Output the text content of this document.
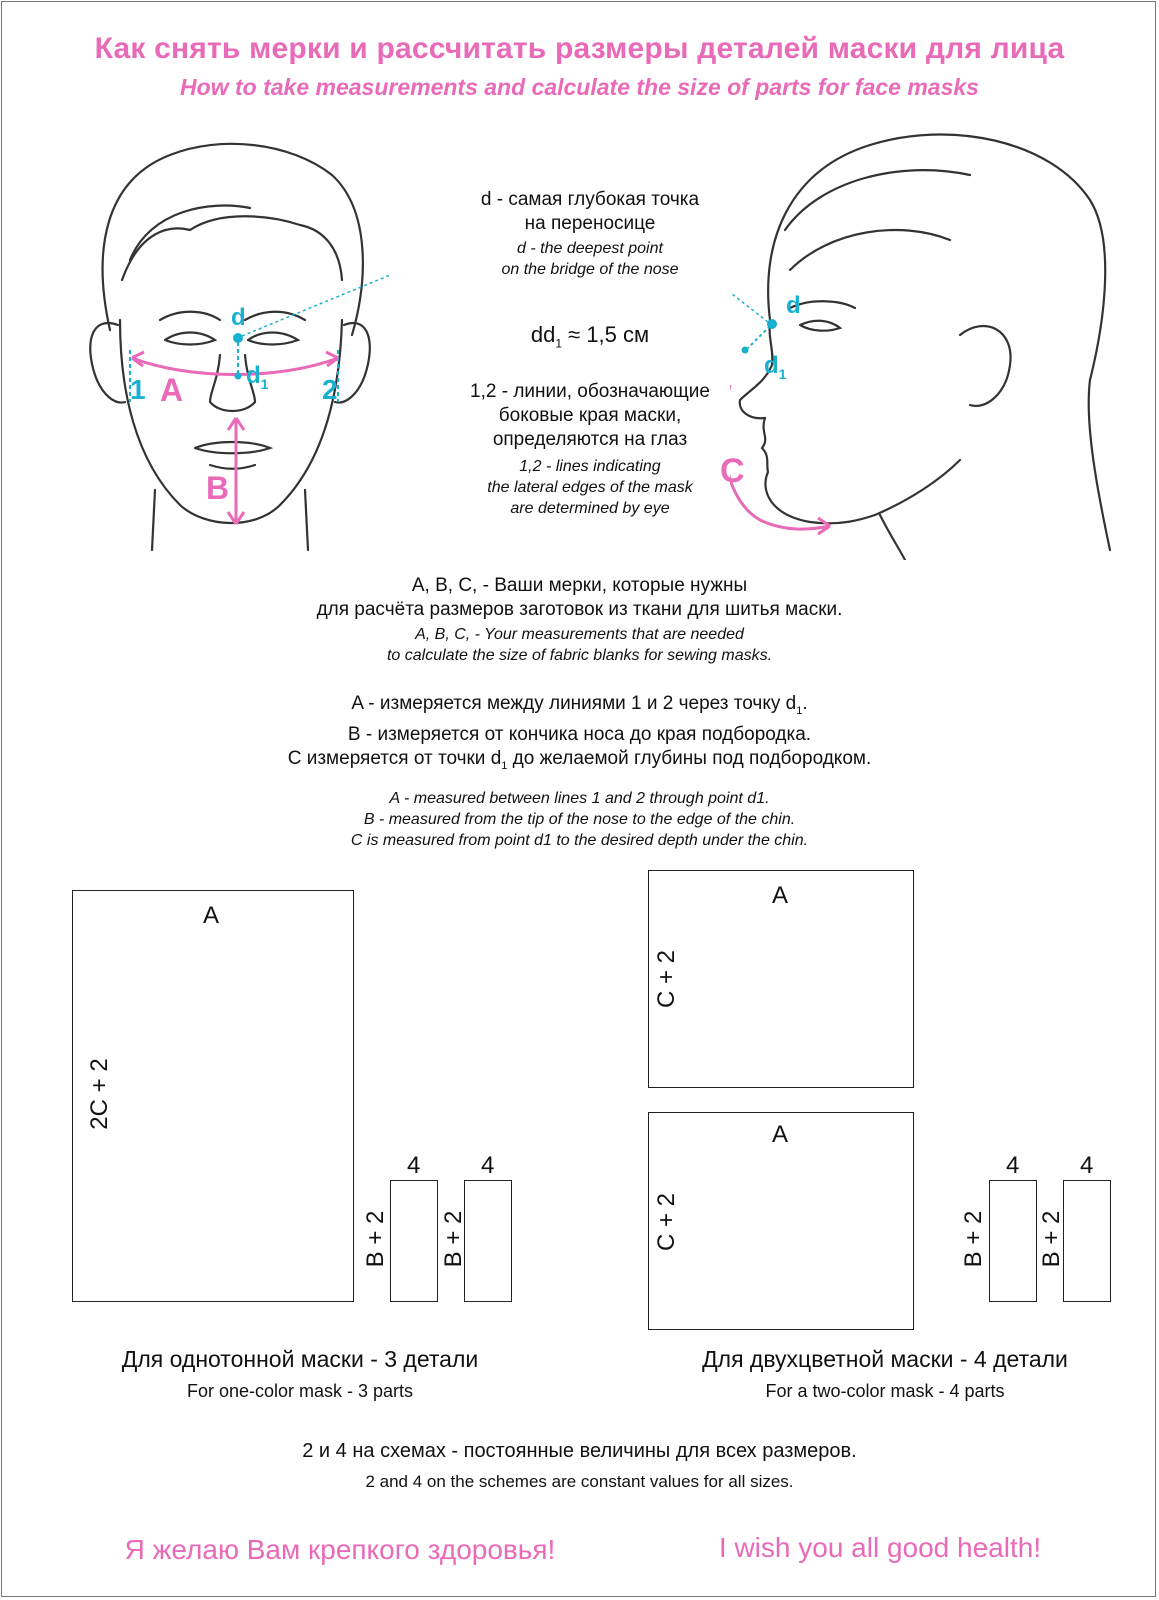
Как снять мерки и рассчитать размеры деталей маски для лица
How to take measurements and calculate the size of parts for face masks
d
$d_1$
1	2
A
B
d
$d_1$
C
d - самая глубокая точка
на переносице
d - the deepest point
on the bridge of the nose
$dd_1 \approx 1,5$ см
1,2 - линии, обозначающие
боковые края маски,
определяются на глаз
1,2 - lines indicating
the lateral edges of the mask
are determined by eye
A, B, C, - Ваши мерки, которые нужны
для расчёта размеров заготовок из ткани для шитья маски.
A, B, C, - Your measurements that are needed
to calculate the size of fabric blanks for sewing masks.
A - измеряется между линиями 1 и 2 через точку $d_1$.
B - измеряется от кончика носа до края подбородка.
С измеряется от точки $d_1$ до желаемой глубины под подбородком.
A - measured between lines 1 and 2 through point d1.
B - measured from the tip of the nose to the edge of the chin.
C is measured from point d1 to the desired depth under the chin.
A
2C + 2
4
B + 2
4
B + 2
Для однотонной маски - 3 детали
For one-color mask - 3 parts
A
C + 2
A
C + 2
4
B + 2
4
B + 2
Для двухцветной маски - 4 детали
For a two-color mask - 4 parts
2 и 4 на схемах - постоянные величины для всех размеров.
2 and 4 on the schemes are constant values for all sizes.
Я желаю Вам крепкого здоровья!	I wish you all good health!
